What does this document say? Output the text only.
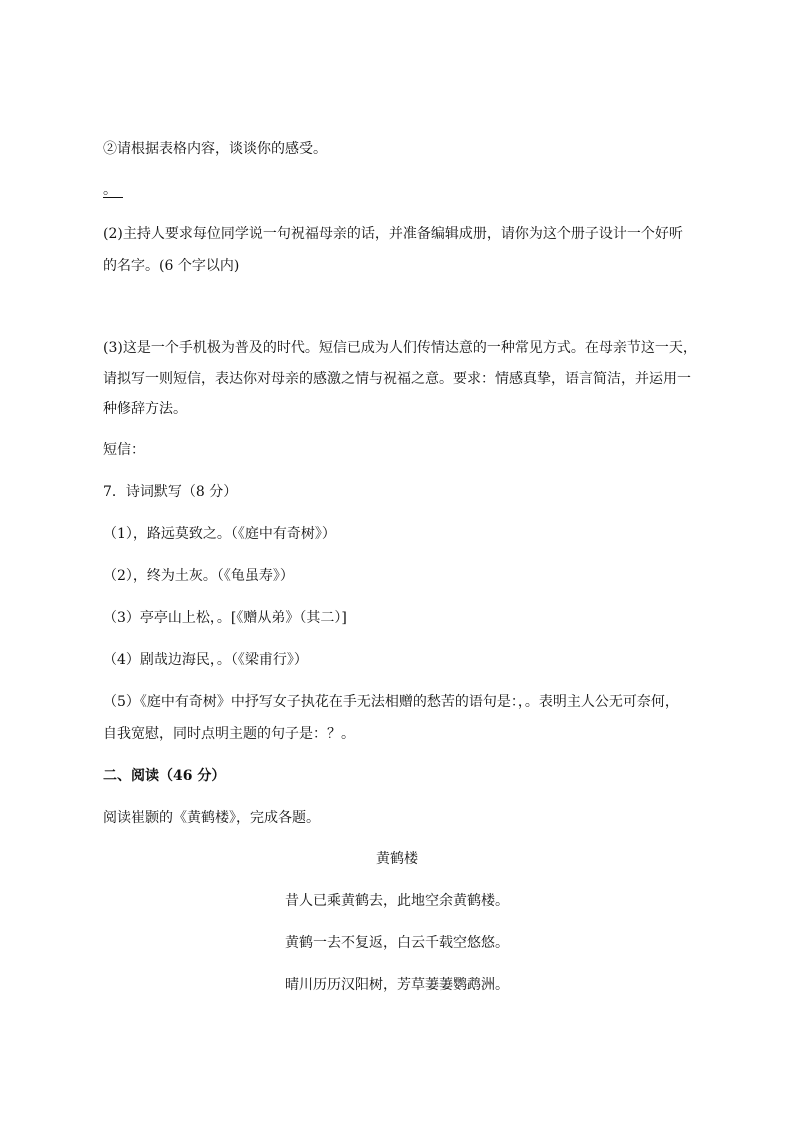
②请根据表格内容，谈谈你的感受。

。

(2)主持人要求每位同学说一句祝福母亲的话，并准备编辑成册，请你为这个册子设计一个好听

的名字。(6 个字以内)

(3)这是一个手机极为普及的时代。短信已成为人们传情达意的一种常见方式。在母亲节这一天，

请拟写一则短信，表达你对母亲的感激之情与祝福之意。要求：情感真挚，语言简洁，并运用一

种修辞方法。

短信：

7．诗词默写（8 分）

（1），路远莫致之。（《庭中有奇树》）

（2），终为土灰。（《龟虽寿》）

（3）亭亭山上松，。[《赠从弟》（其二）]

（4）剧哉边海民，。（《梁甫行》）

（5）《庭中有奇树》中抒写女子执花在手无法相赠的愁苦的语句是：，。表明主人公无可奈何，

自我宽慰，同时点明主题的句子是：？。

二、阅读（46 分）

阅读崔颢的《黄鹤楼》，完成各题。

黄鹤楼

昔人已乘黄鹤去，此地空余黄鹤楼。

黄鹤一去不复返，白云千载空悠悠。

晴川历历汉阳树，芳草萋萋鹦鹉洲。
